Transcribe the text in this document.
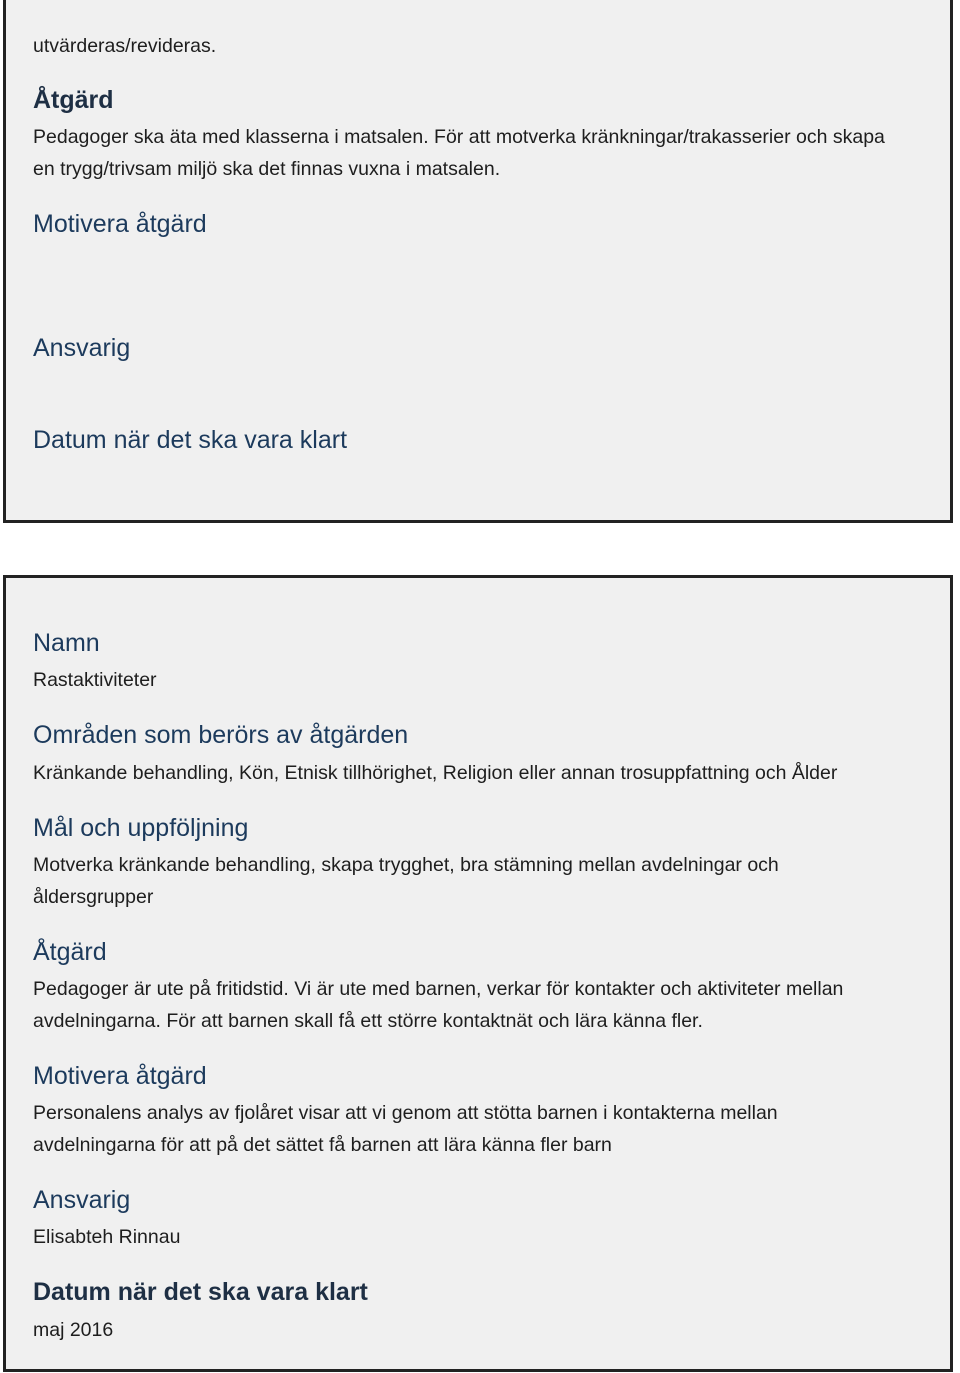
utvärderas/revideras.

Åtgärd

Pedagoger ska äta med klasserna i matsalen. För att motverka kränkningar/trakasserier och skapa

en trygg/trivsam miljö ska det finnas vuxna i matsalen.

Motivera åtgärd

Ansvarig

Datum när det ska vara klart

Namn

Rastaktiviteter

Områden som berörs av åtgärden

Kränkande behandling, Kön, Etnisk tillhörighet, Religion eller annan trosuppfattning och Ålder

Mål och uppföljning

Motverka kränkande behandling, skapa trygghet, bra stämning mellan avdelningar och

åldersgrupper

Åtgärd

Pedagoger är ute på fritidstid. Vi är ute med barnen, verkar för kontakter och aktiviteter mellan

avdelningarna. För att barnen skall få ett större kontaktnät och lära känna fler.

Motivera åtgärd

Personalens analys av fjolåret visar att vi genom att stötta barnen i kontakterna mellan

avdelningarna för att på det sättet få barnen att lära känna fler barn

Ansvarig

Elisabteh Rinnau

Datum när det ska vara klart

maj 2016
